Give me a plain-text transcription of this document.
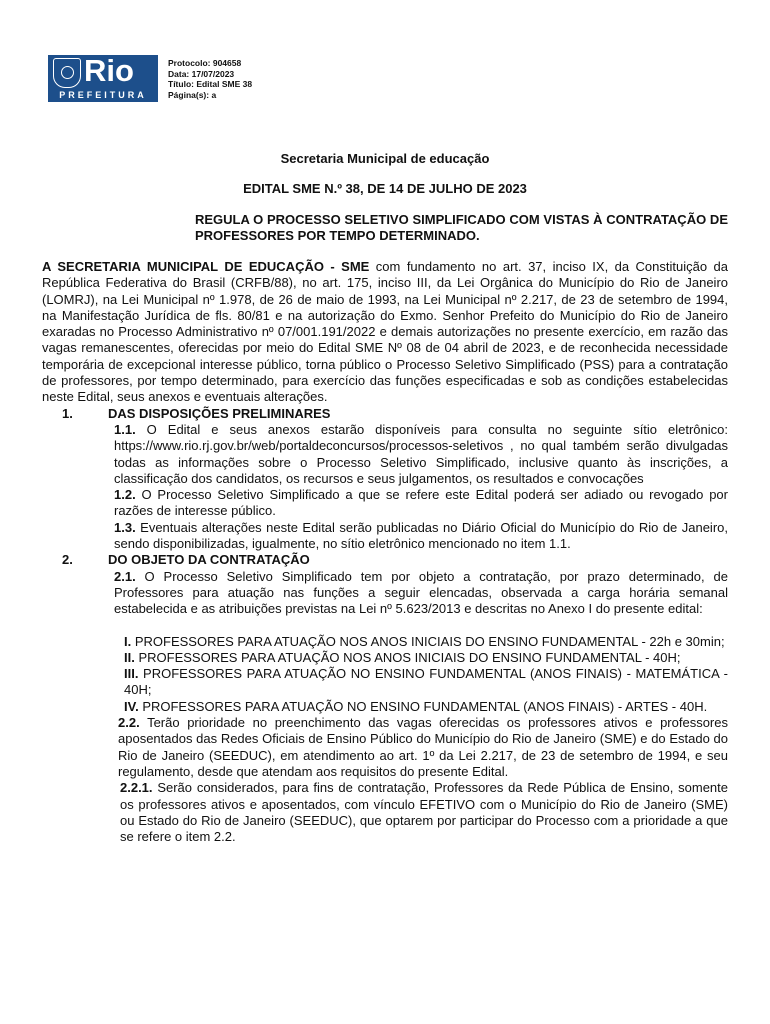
Rio
PREFEITURA
Protocolo: 904658
Data: 17/07/2023
Título: Edital SME 38
Página(s): a
Secretaria Municipal de educação
EDITAL SME N.º 38, DE 14 DE JULHO DE 2023
REGULA O PROCESSO SELETIVO SIMPLIFICADO COM VISTAS À CONTRATAÇÃO DE PROFESSORES POR TEMPO DETERMINADO.
A SECRETARIA MUNICIPAL DE EDUCAÇÃO - SME com fundamento no art. 37, inciso IX, da Constituição da República Federativa do Brasil (CRFB/88), no art. 175, inciso III, da Lei Orgânica do Município do Rio de Janeiro (LOMRJ), na Lei Municipal nº 1.978, de 26 de maio de 1993, na Lei Municipal nº 2.217, de 23 de setembro de 1994, na Manifestação Jurídica de fls. 80/81 e na autorização do Exmo. Senhor Prefeito do Município do Rio de Janeiro exaradas no Processo Administrativo nº 07/001.191/2022 e demais autorizações no presente exercício, em razão das vagas remanescentes, oferecidas por meio do Edital SME Nº 08 de 04 abril de 2023, e de reconhecida necessidade temporária de excepcional interesse público, torna público o Processo Seletivo Simplificado (PSS) para a contratação de professores, por tempo determinado, para exercício das funções especificadas e sob as condições estabelecidas neste Edital, seus anexos e eventuais alterações.
1.	DAS DISPOSIÇÕES PRELIMINARES
1.1. O Edital e seus anexos estarão disponíveis para consulta no seguinte sítio eletrônico: https://www.rio.rj.gov.br/web/portaldeconcursos/processos-seletivos , no qual também serão divulgadas todas as informações sobre o Processo Seletivo Simplificado, inclusive quanto às inscrições, a classificação dos candidatos, os recursos e seus julgamentos, os resultados e convocações
1.2. O Processo Seletivo Simplificado a que se refere este Edital poderá ser adiado ou revogado por razões de interesse público.
1.3. Eventuais alterações neste Edital serão publicadas no Diário Oficial do Município do Rio de Janeiro, sendo disponibilizadas, igualmente, no sítio eletrônico mencionado no item 1.1.
2.	DO OBJETO DA CONTRATAÇÃO
2.1. O Processo Seletivo Simplificado tem por objeto a contratação, por prazo determinado, de Professores para atuação nas funções a seguir elencadas, observada a carga horária semanal estabelecida e as atribuições previstas na Lei nº 5.623/2013 e descritas no Anexo I do presente edital:
I. PROFESSORES PARA ATUAÇÃO NOS ANOS INICIAIS DO ENSINO FUNDAMENTAL - 22h e 30min;
II. PROFESSORES PARA ATUAÇÃO NOS ANOS INICIAIS DO ENSINO FUNDAMENTAL - 40H;
III. PROFESSORES PARA ATUAÇÃO NO ENSINO FUNDAMENTAL (ANOS FINAIS) - MATEMÁTICA - 40H;
IV. PROFESSORES PARA ATUAÇÃO NO ENSINO FUNDAMENTAL (ANOS FINAIS) - ARTES - 40H.
2.2. Terão prioridade no preenchimento das vagas oferecidas os professores ativos e professores aposentados das Redes Oficiais de Ensino Público do Município do Rio de Janeiro (SME) e do Estado do Rio de Janeiro (SEEDUC), em atendimento ao art. 1º da Lei 2.217, de 23 de setembro de 1994, e seu regulamento, desde que atendam aos requisitos do presente Edital.
2.2.1. Serão considerados, para fins de contratação, Professores da Rede Pública de Ensino, somente os professores ativos e aposentados, com vínculo EFETIVO com o Município do Rio de Janeiro (SME) ou Estado do Rio de Janeiro (SEEDUC), que optarem por participar do Processo com a prioridade a que se refere o item 2.2.
